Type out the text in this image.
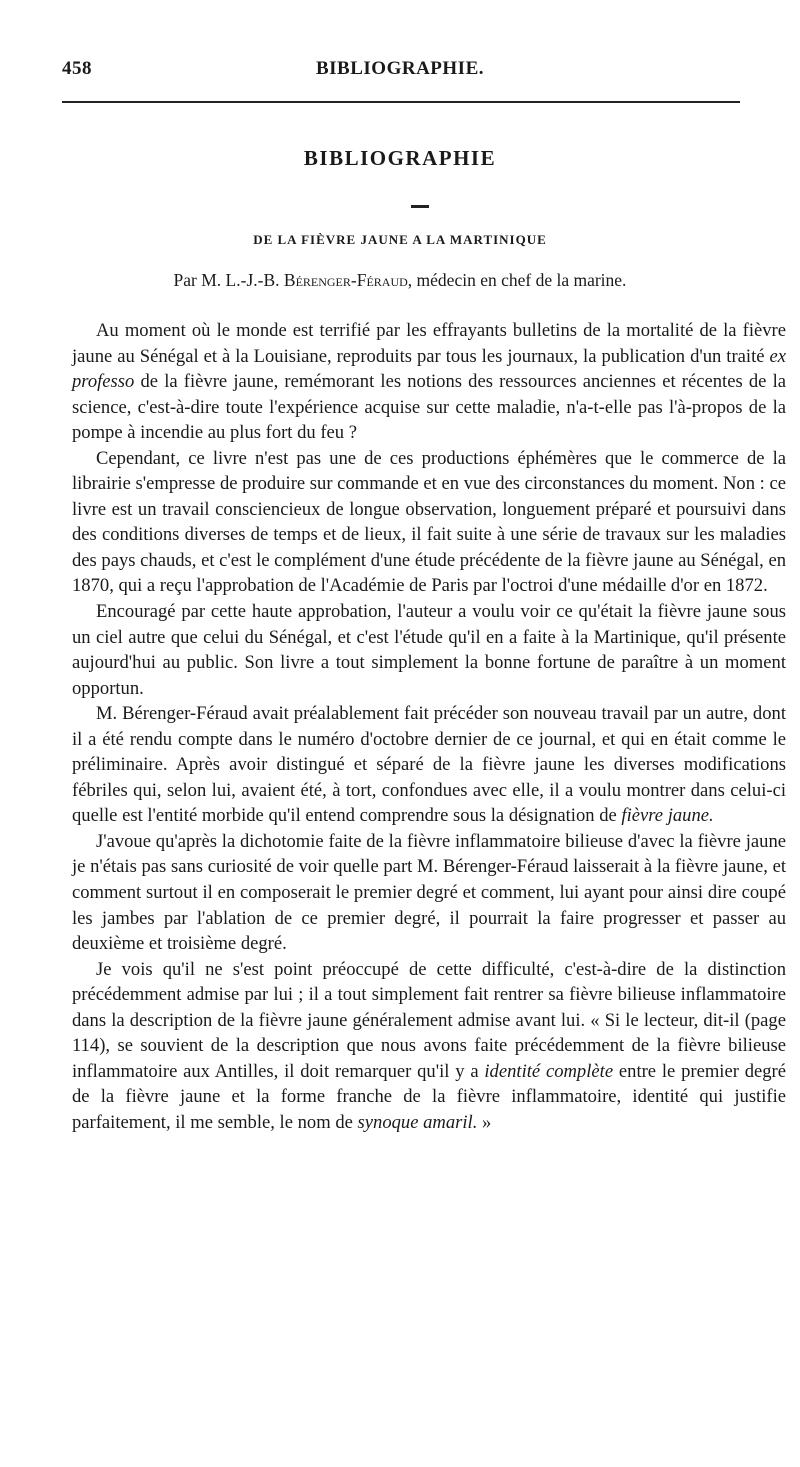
458	BIBLIOGRAPHIE.
BIBLIOGRAPHIE
DE LA FIÈVRE JAUNE A LA MARTINIQUE
Par M. L.-J.-B. Bérenger-Féraud, médecin en chef de la marine.

Au moment où le monde est terrifié par les effrayants bulletins de la mortalité de la fièvre jaune au Sénégal et à la Louisiane, reproduits par tous les journaux, la publication d'un traité ex professo de la fièvre jaune, remémorant les notions des ressources anciennes et récentes de la science, c'est-à-dire toute l'expérience acquise sur cette maladie, n'a-t-elle pas l'à-propos de la pompe à incendie au plus fort du feu ?

Cependant, ce livre n'est pas une de ces productions éphémères que le commerce de la librairie s'empresse de produire sur commande et en vue des circonstances du moment. Non : ce livre est un travail consciencieux de longue observation, longuement préparé et poursuivi dans des conditions diverses de temps et de lieux, il fait suite à une série de travaux sur les maladies des pays chauds, et c'est le complément d'une étude précédente de la fièvre jaune au Sénégal, en 1870, qui a reçu l'approbation de l'Académie de Paris par l'octroi d'une médaille d'or en 1872.

Encouragé par cette haute approbation, l'auteur a voulu voir ce qu'était la fièvre jaune sous un ciel autre que celui du Sénégal, et c'est l'étude qu'il en a faite à la Martinique, qu'il présente aujourd'hui au public. Son livre a tout simplement la bonne fortune de paraître à un moment opportun.

M. Bérenger-Féraud avait préalablement fait précéder son nouveau travail par un autre, dont il a été rendu compte dans le numéro d'octobre dernier de ce journal, et qui en était comme le préliminaire. Après avoir distingué et séparé de la fièvre jaune les diverses modifications fébriles qui, selon lui, avaient été, à tort, confondues avec elle, il a voulu montrer dans celui-ci quelle est l'entité morbide qu'il entend comprendre sous la désignation de fièvre jaune.

J'avoue qu'après la dichotomie faite de la fièvre inflammatoire bilieuse d'avec la fièvre jaune je n'étais pas sans curiosité de voir quelle part M. Bérenger-Féraud laisserait à la fièvre jaune, et comment surtout il en composerait le premier degré et comment, lui ayant pour ainsi dire coupé les jambes par l'ablation de ce premier degré, il pourrait la faire progresser et passer au deuxième et troisième degré.

Je vois qu'il ne s'est point préoccupé de cette difficulté, c'est-à-dire de la distinction précédemment admise par lui ; il a tout simplement fait rentrer sa fièvre bilieuse inflammatoire dans la description de la fièvre jaune généralement admise avant lui. « Si le lecteur, dit-il (page 114), se souvient de la description que nous avons faite précédemment de la fièvre bilieuse inflammatoire aux Antilles, il doit remarquer qu'il y a identité complète entre le premier degré de la fièvre jaune et la forme franche de la fièvre inflammatoire, identité qui justifie parfaitement, il me semble, le nom de synoque amaril. »
